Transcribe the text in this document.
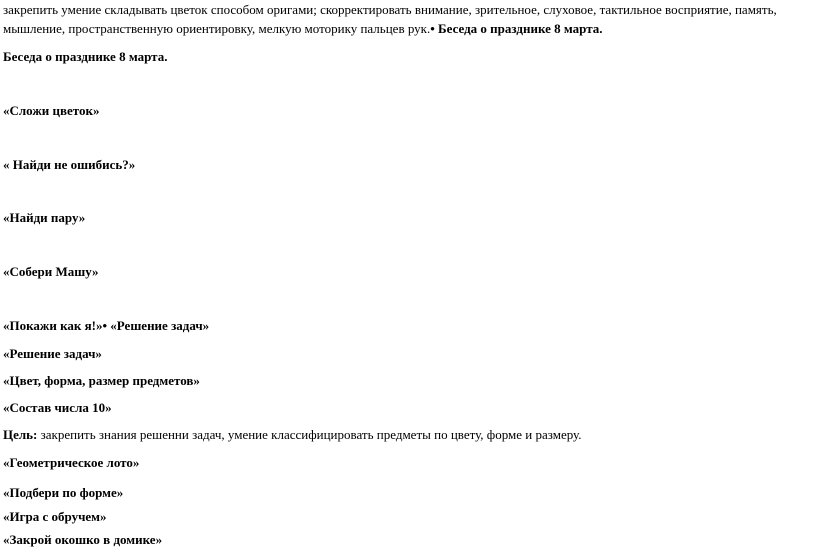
закрепить умение складывать цветок способом оригами; скорректировать внимание, зрительное, слуховое, тактильное восприятие, память,
мышление, пространственную ориентировку, мелкую моторику пальцев рук.• Беседа о празднике 8 марта.
Беседа о празднике 8 марта.
«Сложи цветок»
« Найди не ошибись?»
«Найди пару»
«Собери Машу»
«Покажи как я!»• «Решение задач»
«Решение задач»
«Цвет, форма, размер предметов»
«Состав числа 10»
Цель: закрепить знания решенни задач, умение классифицировать предметы по цвету, форме и размеру.
«Геометрическое лото»
«Подбери по форме»
«Игра с обручем»
«Закрой окошко в домике»
